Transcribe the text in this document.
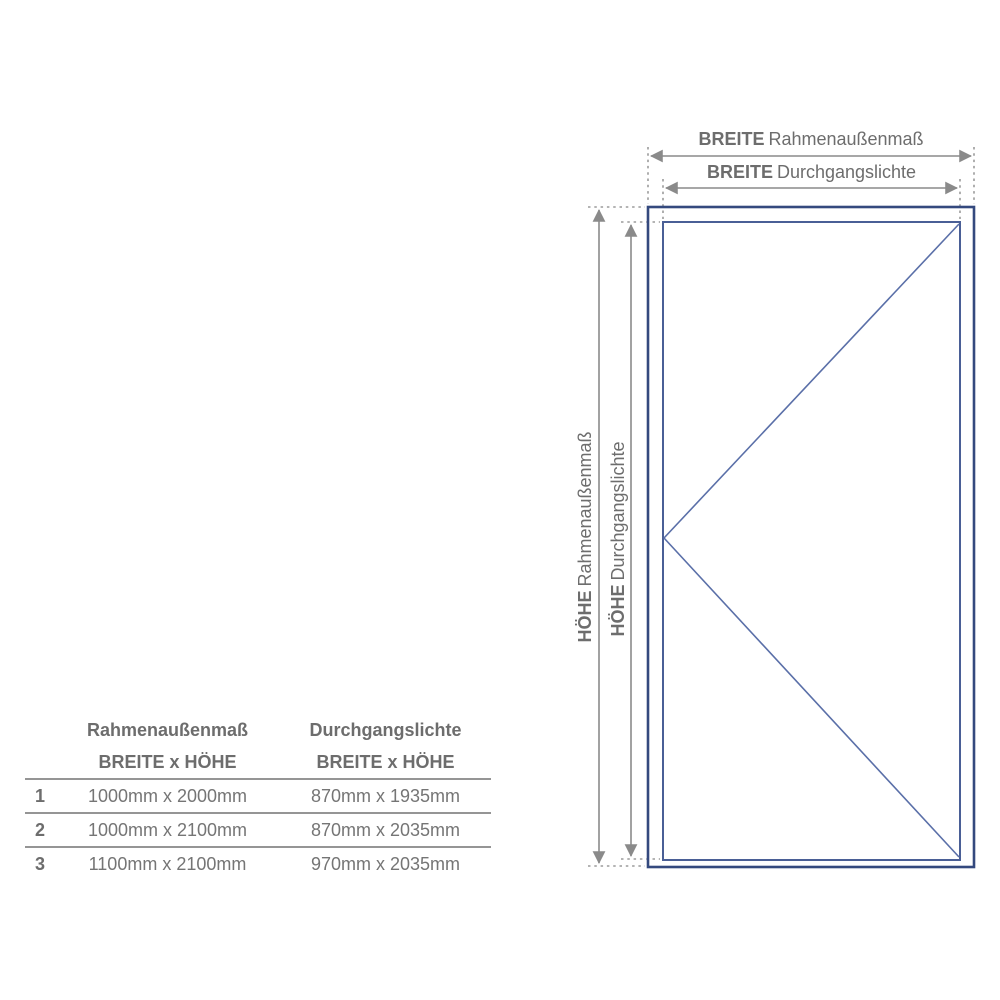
BREITE Rahmenaußenmaß
BREITE Durchgangslichte
HÖHERahmenaußenmaß
HÖHEDurchgangslichte
	Rahmenaußenmaß	Durchgangslichte
	BREITE x HÖHE	BREITE x HÖHE
1	1000mm x 2000mm	870mm x 1935mm
2	1000mm x 2100mm	870mm x 2035mm
3	1100mm x 2100mm	970mm x 2035mm
